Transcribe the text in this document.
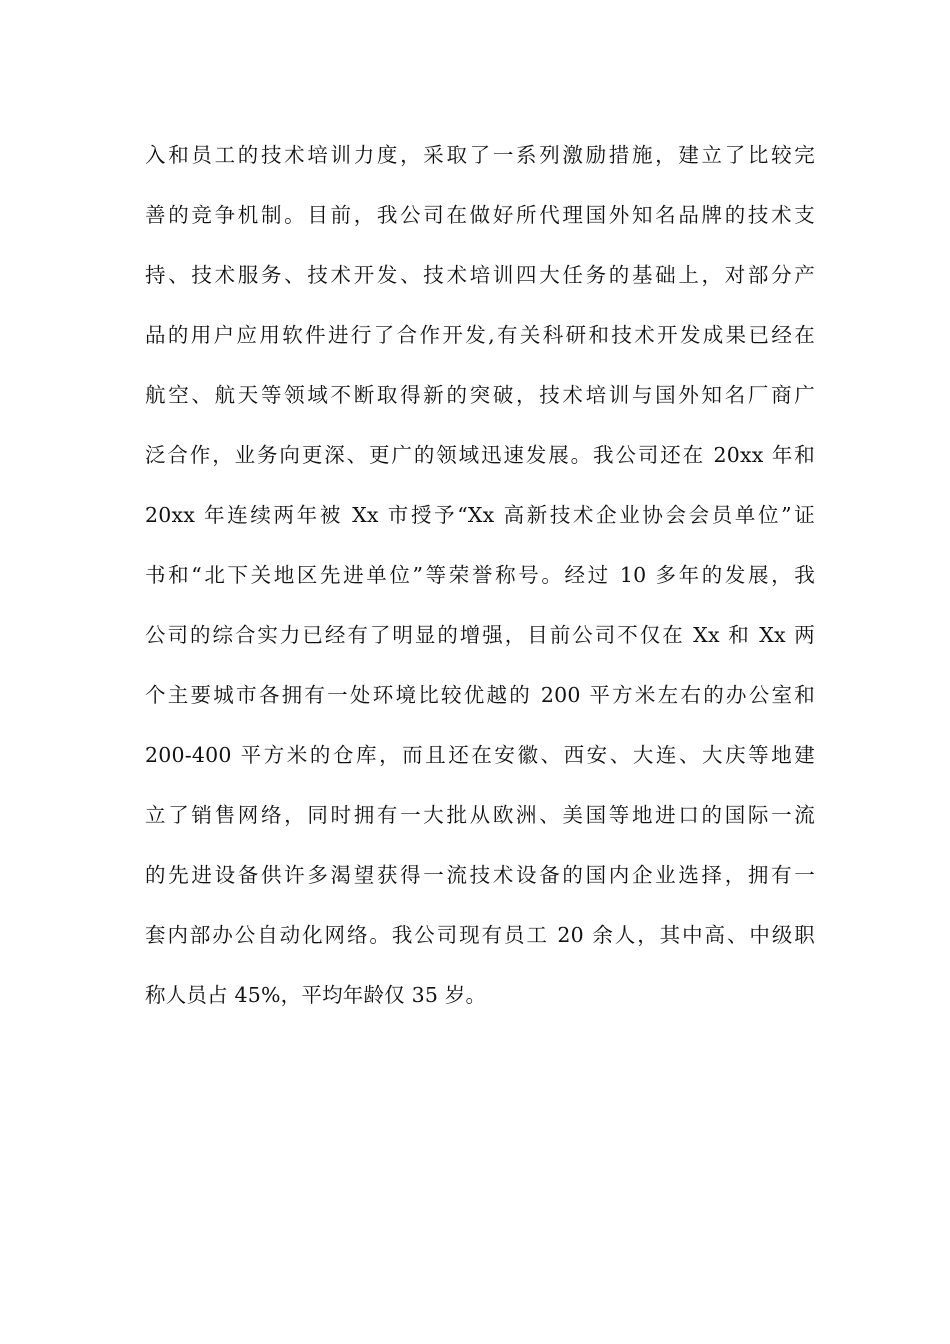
入和员工的技术培训力度，采取了一系列激励措施，建立了比较完
善的竞争机制。目前，我公司在做好所代理国外知名品牌的技术支
持、技术服务、技术开发、技术培训四大任务的基础上，对部分产
品的用户应用软件进行了合作开发,有关科研和技术开发成果已经在
航空、航天等领域不断取得新的突破，技术培训与国外知名厂商广
泛合作，业务向更深、更广的领域迅速发展。我公司还在 20xx 年和
20xx 年连续两年被 Xx 市授予“Xx 高新技术企业协会会员单位”证
书和“北下关地区先进单位”等荣誉称号。经过 10 多年的发展，我
公司的综合实力已经有了明显的增强，目前公司不仅在 Xx 和 Xx 两
个主要城市各拥有一处环境比较优越的 200 平方米左右的办公室和
200-400 平方米的仓库，而且还在安徽、西安、大连、大庆等地建
立了销售网络，同时拥有一大批从欧洲、美国等地进口的国际一流
的先进设备供许多渴望获得一流技术设备的国内企业选择，拥有一
套内部办公自动化网络。我公司现有员工 20 余人，其中高、中级职
称人员占 45%，平均年龄仅 35 岁。
